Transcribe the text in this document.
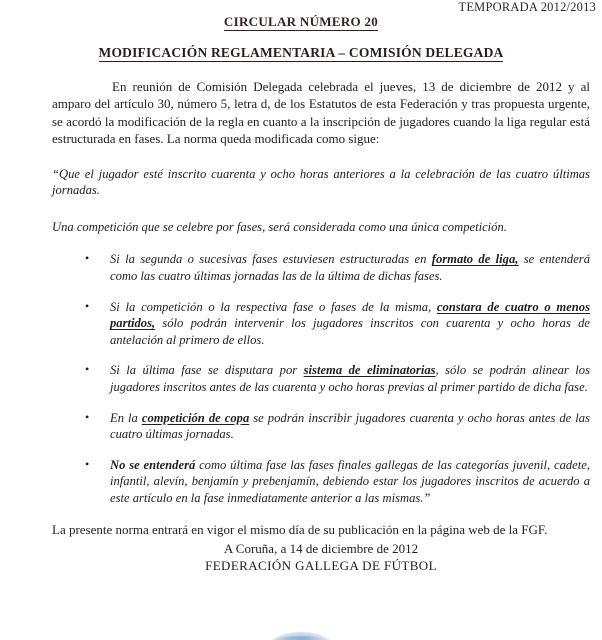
TEMPORADA 2012/2013
CIRCULAR NÚMERO 20
MODIFICACIÓN REGLAMENTARIA – COMISIÓN DELEGADA

En reunión de Comisión Delegada celebrada el jueves, 13 de diciembre de 2012 y al amparo del artículo 30, número 5, letra d, de los Estatutos de esta Federación y tras propuesta urgente, se acordó la modificación de la regla en cuanto a la inscripción de jugadores cuando la liga regular está estructurada en fases. La norma queda modificada como sigue:

“Que el jugador esté inscrito cuarenta y ocho horas anteriores a la celebración de las cuatro últimas jornadas.

Una competición que se celebre por fases, será considerada como una única competición.

• Si la segunda o sucesivas fases estuviesen estructuradas en formato de liga, se entenderá como las cuatro últimas jornadas las de la última de dichas fases.
• Si la competición o la respectiva fase o fases de la misma, constara de cuatro o menos partidos, sólo podrán intervenir los jugadores inscritos con cuarenta y ocho horas de antelación al primero de ellos.
• Si la última fase se disputara por sistema de eliminatorias, sólo se podrán alinear los jugadores inscritos antes de las cuarenta y ocho horas previas al primer partido de dicha fase.
• En la competición de copa se podrán inscribir jugadores cuarenta y ocho horas antes de las cuatro últimas jornadas.
• No se entenderá como última fase las fases finales gallegas de las categorías juvenil, cadete, infantil, alevín, benjamín y prebenjamín, debiendo estar los jugadores inscritos de acuerdo a este artículo en la fase inmediatamente anterior a las mismas.”

La presente norma entrará en vigor el mismo día de su publicación en la página web de la FGF.

A Coruña, a 14 de diciembre de 2012
FEDERACIÓN GALLEGA DE FÚTBOL
